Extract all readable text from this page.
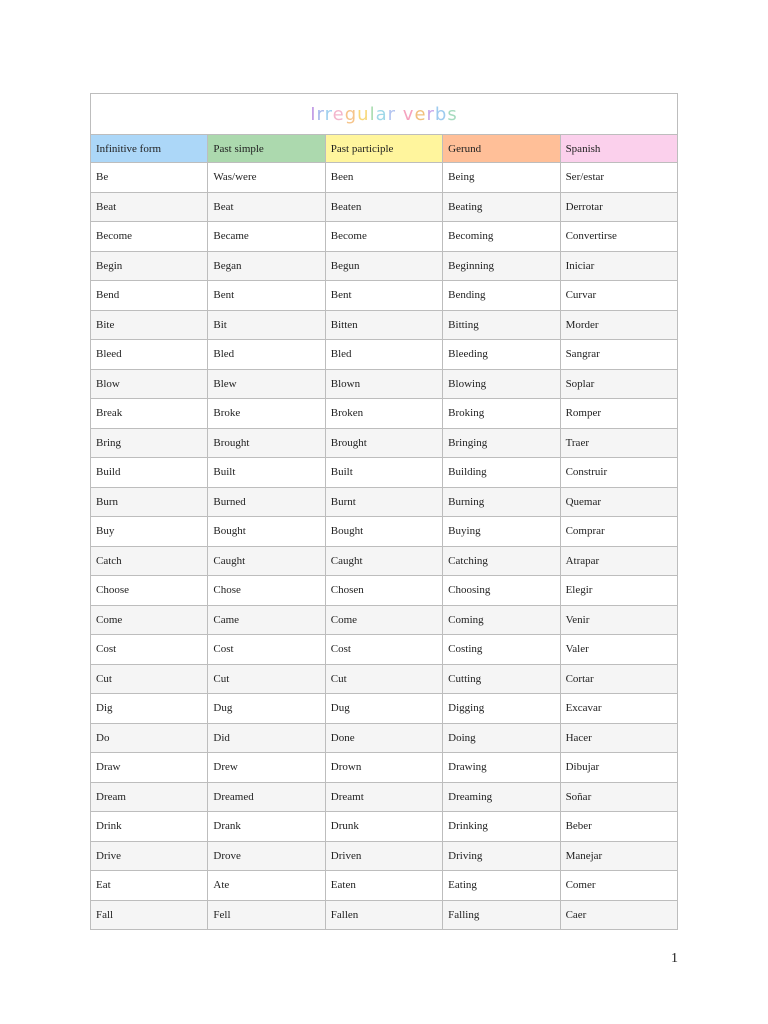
Irregular verbs				
Infinitive form	Past simple	Past participle	Gerund	Spanish
Be	Was/were	Been	Being	Ser/estar
Beat	Beat	Beaten	Beating	Derrotar
Become	Became	Become	Becoming	Convertirse
Begin	Began	Begun	Beginning	Iniciar
Bend	Bent	Bent	Bending	Curvar
Bite	Bit	Bitten	Bitting	Morder
Bleed	Bled	Bled	Bleeding	Sangrar
Blow	Blew	Blown	Blowing	Soplar
Break	Broke	Broken	Broking	Romper
Bring	Brought	Brought	Bringing	Traer
Build	Built	Built	Building	Construir
Burn	Burned	Burnt	Burning	Quemar
Buy	Bought	Bought	Buying	Comprar
Catch	Caught	Caught	Catching	Atrapar
Choose	Chose	Chosen	Choosing	Elegir
Come	Came	Come	Coming	Venir
Cost	Cost	Cost	Costing	Valer
Cut	Cut	Cut	Cutting	Cortar
Dig	Dug	Dug	Digging	Excavar
Do	Did	Done	Doing	Hacer
Draw	Drew	Drown	Drawing	Dibujar
Dream	Dreamed	Dreamt	Dreaming	Soñar
Drink	Drank	Drunk	Drinking	Beber
Drive	Drove	Driven	Driving	Manejar
Eat	Ate	Eaten	Eating	Comer
Fall	Fell	Fallen	Falling	Caer
1
